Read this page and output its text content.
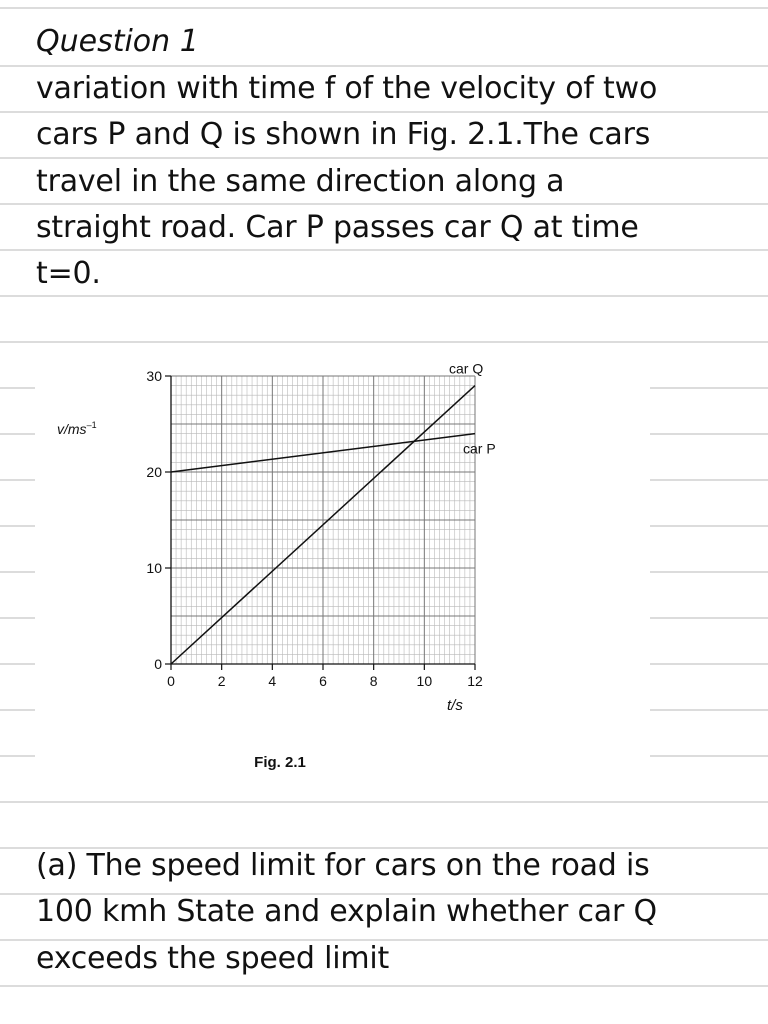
Question 1
variation with time f of the velocity of two
cars P and Q is shown in Fig. 2.1.The cars
travel in the same direction along a
straight road. Car P passes car Q at time
t=0.
0	2	4	6	8	10	12
0
10
20
30	car Q
car P
$v/ms^{-1}$
t/s
Fig. 2.1
(a) The speed limit for cars on the road is
100 kmh State and explain whether car Q
exceeds the speed limit
